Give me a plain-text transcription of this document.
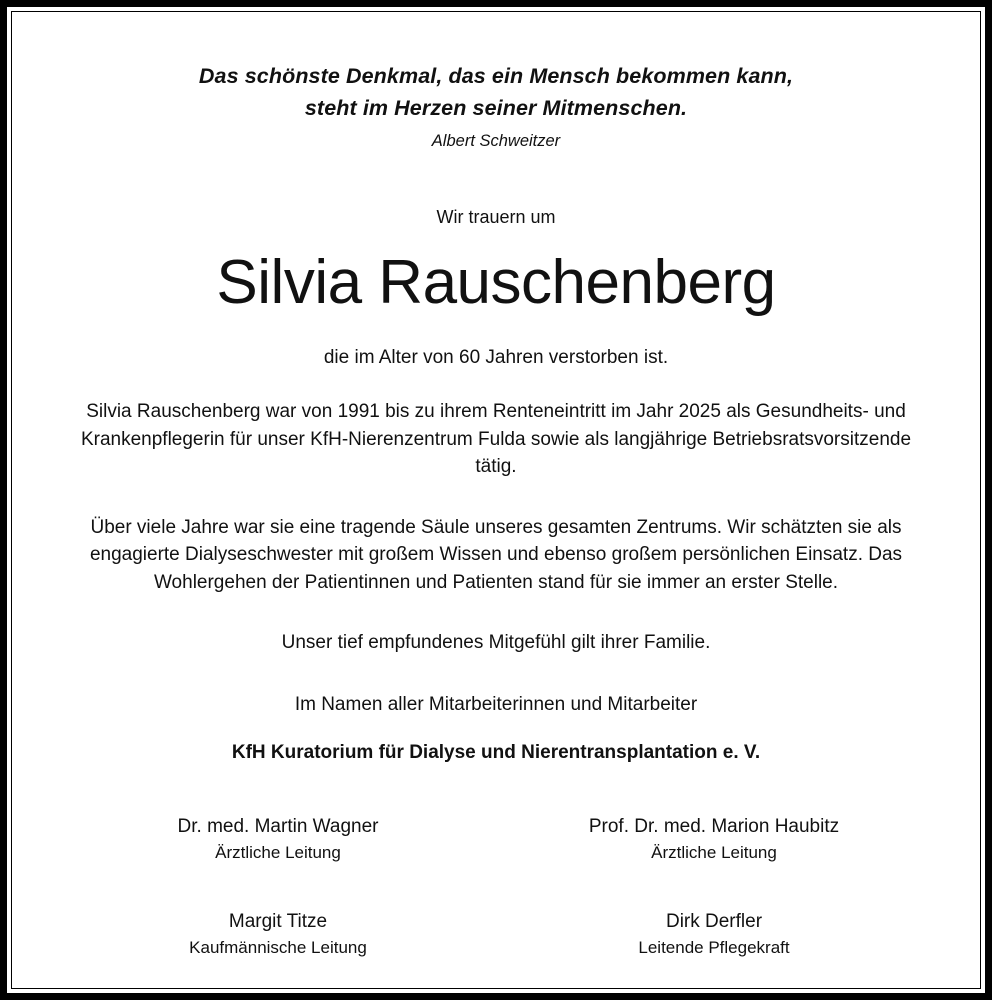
Das schönste Denkmal, das ein Mensch bekommen kann,
steht im Herzen seiner Mitmenschen.
Albert Schweitzer
Wir trauern um
Silvia Rauschenberg
die im Alter von 60 Jahren verstorben ist.

Silvia Rauschenberg war von 1991 bis zu ihrem Renteneintritt im Jahr 2025 als Gesundheits- und Krankenpflegerin für unser KfH-Nierenzentrum Fulda sowie als langjährige Betriebsratsvorsitzende tätig.

Über viele Jahre war sie eine tragende Säule unseres gesamten Zentrums. Wir schätzten sie als engagierte Dialyseschwester mit großem Wissen und ebenso großem persönlichen Einsatz. Das Wohlergehen der Patientinnen und Patienten stand für sie immer an erster Stelle.

Unser tief empfundenes Mitgefühl gilt ihrer Familie.

Im Namen aller Mitarbeiterinnen und Mitarbeiter
KfH Kuratorium für Dialyse und Nierentransplantation e. V.
Dr. med. Martin Wagner
Ärztliche Leitung
Prof. Dr. med. Marion Haubitz
Ärztliche Leitung
Margit Titze
Kaufmännische Leitung
Dirk Derfler
Leitende Pflegekraft
